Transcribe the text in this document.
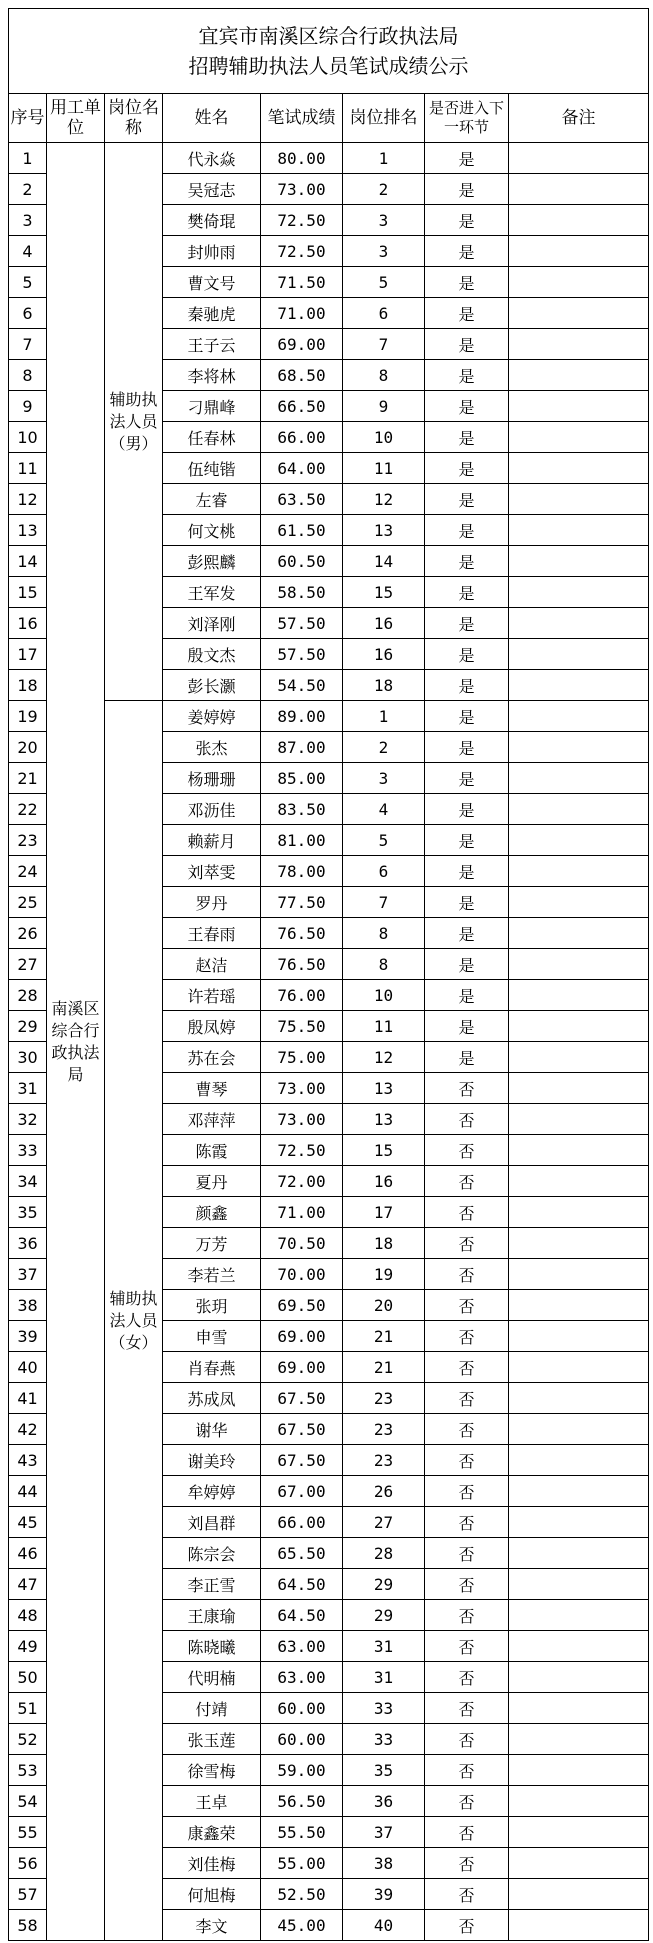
宜宾市南溪区综合行政执法局
招聘辅助执法人员笔试成绩公示							

序号	用工单位	岗位名称	姓名	笔试成绩	岗位排名	是否进入下一环节	备注
1	南溪区综合行政执法局	辅助执法人员（男）	代永焱	80.00	1	是	
2			吴冠志	73.00	2	是	
3			樊倚琨	72.50	3	是	
4			封帅雨	72.50	3	是	
5			曹文号	71.50	5	是	
6			秦驰虎	71.00	6	是	
7			王子云	69.00	7	是	
8			李将林	68.50	8	是	
9			刁鼎峰	66.50	9	是	
10			任春林	66.00	10	是	
11			伍纯锴	64.00	11	是	
12			左睿	63.50	12	是	
13			何文桃	61.50	13	是	
14			彭熙麟	60.50	14	是	
15			王军发	58.50	15	是	
16			刘泽刚	57.50	16	是	
17			殷文杰	57.50	16	是	
18			彭长灏	54.50	18	是	
19		辅助执法人员（女）	姜婷婷	89.00	1	是	
20			张杰	87.00	2	是	
21			杨珊珊	85.00	3	是	
22			邓沥佳	83.50	4	是	
23			赖薪月	81.00	5	是	
24			刘萃雯	78.00	6	是	
25			罗丹	77.50	7	是	
26			王春雨	76.50	8	是	
27			赵洁	76.50	8	是	
28			许若瑶	76.00	10	是	
29			殷凤婷	75.50	11	是	
30			苏在会	75.00	12	是	
31			曹琴	73.00	13	否	
32			邓萍萍	73.00	13	否	
33			陈霞	72.50	15	否	
34			夏丹	72.00	16	否	
35			颜鑫	71.00	17	否	
36			万芳	70.50	18	否	
37			李若兰	70.00	19	否	
38			张玥	69.50	20	否	
39			申雪	69.00	21	否	
40			肖春燕	69.00	21	否	
41			苏成凤	67.50	23	否	
42			谢华	67.50	23	否	
43			谢美玲	67.50	23	否	
44			牟婷婷	67.00	26	否	
45			刘昌群	66.00	27	否	
46			陈宗会	65.50	28	否	
47			李正雪	64.50	29	否	
48			王康瑜	64.50	29	否	
49			陈晓曦	63.00	31	否	
50			代明楠	63.00	31	否	
51			付靖	60.00	33	否	
52			张玉莲	60.00	33	否	
53			徐雪梅	59.00	35	否	
54			王卓	56.50	36	否	
55			康鑫荣	55.50	37	否	
56			刘佳梅	55.00	38	否	
57			何旭梅	52.50	39	否	
58			李文	45.00	40	否	
